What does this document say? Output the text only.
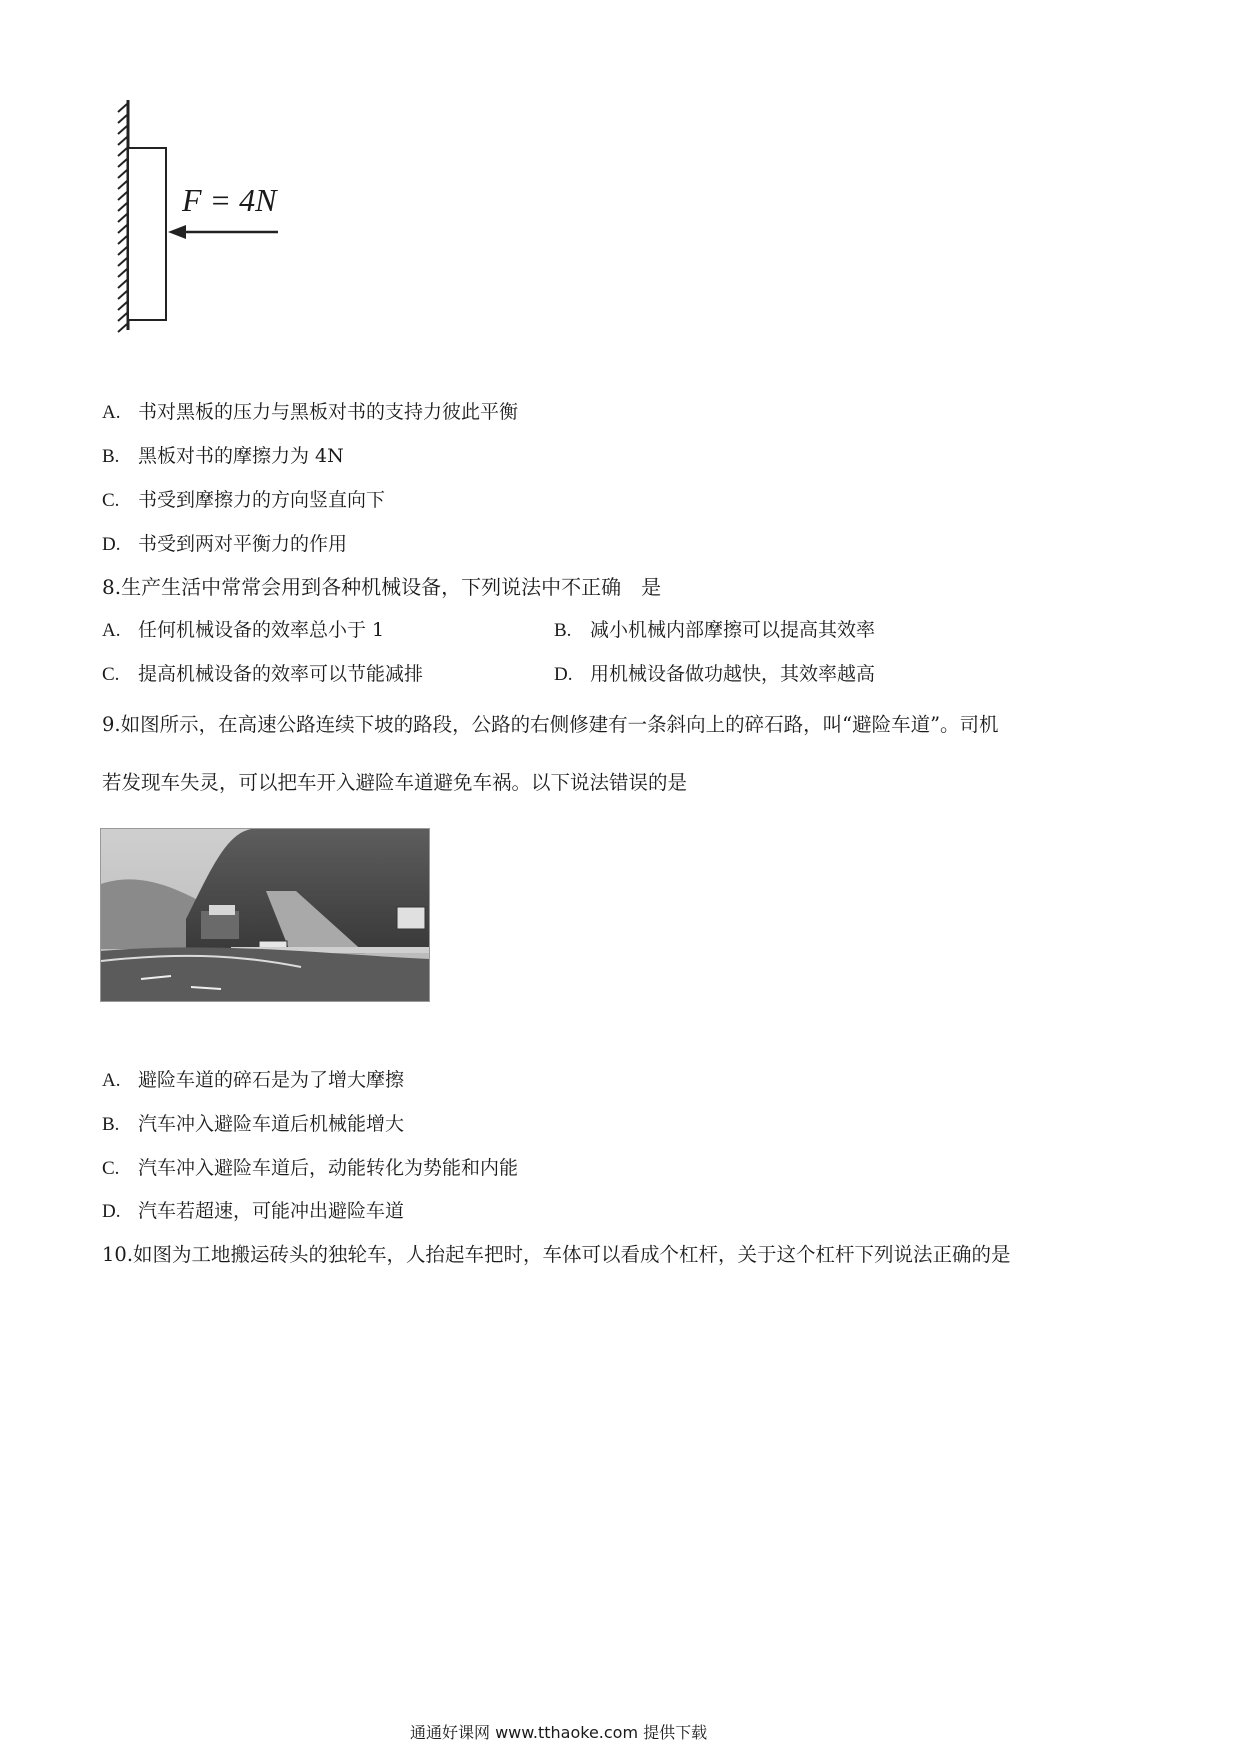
F = 4N
A. 书对黑板的压力与黑板对书的支持力彼此平衡
B. 黑板对书的摩擦力为 4N
C. 书受到摩擦力的方向竖直向下
D. 书受到两对平衡力的作用
8.生产生活中常常会用到各种机械设备，下列说法中不正确　是
A. 任何机械设备的效率总小于 1	B. 减小机械内部摩擦可以提高其效率
C. 提高机械设备的效率可以节能减排	D. 用机械设备做功越快，其效率越高
9.如图所示，在高速公路连续下坡的路段，公路的右侧修建有一条斜向上的碎石路，叫“避险车道”。司机
若发现车失灵，可以把车开入避险车道避免车祸。以下说法错误的是
A. 避险车道的碎石是为了增大摩擦
B. 汽车冲入避险车道后机械能增大
C. 汽车冲入避险车道后，动能转化为势能和内能
D. 汽车若超速，可能冲出避险车道
10.如图为工地搬运砖头的独轮车，人抬起车把时，车体可以看成个杠杆，关于这个杠杆下列说法正确的是
通通好课网 www.tthaoke.com 提供下载
